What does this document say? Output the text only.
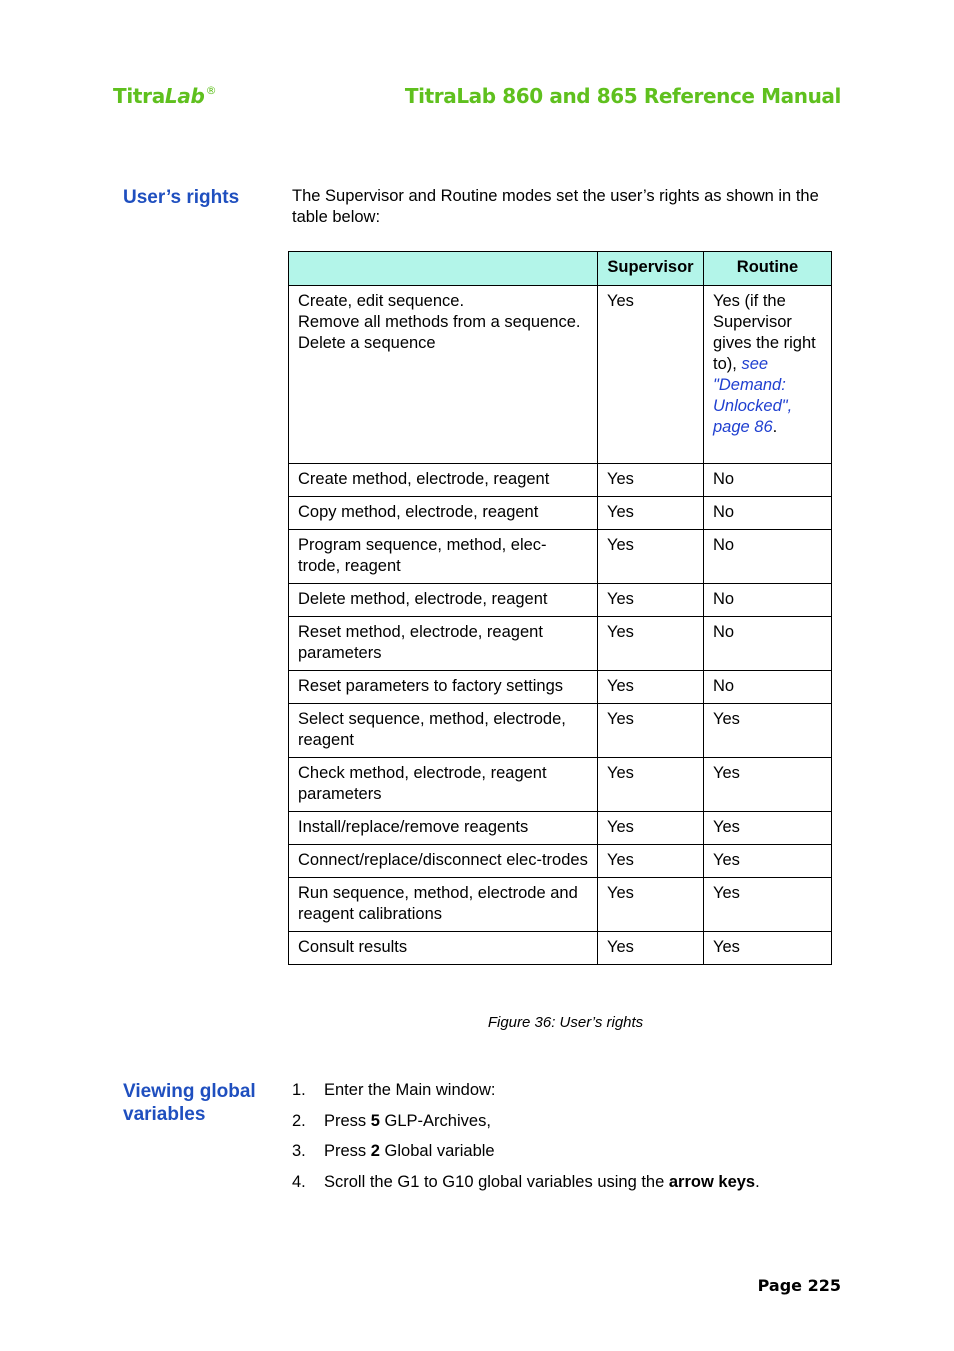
TitraLab®	TitraLab 860 and 865 Reference Manual
User’s rights	The Supervisor and Routine modes set the user’s rights as shown in the table below:
	Supervisor	Routine

Create, edit sequence.
Remove all methods from a sequence.
Delete a sequence	Yes	Yes (if the Supervisor gives the right to), see "Demand: Unlocked", page 86.
Create method, electrode, reagent	Yes	No
Copy method, electrode, reagent	Yes	No
Program sequence, method, elec-trode, reagent	Yes	No
Delete method, electrode, reagent	Yes	No
Reset method, electrode, reagent parameters	Yes	No
Reset parameters to factory settings	Yes	No
Select sequence, method, electrode, reagent	Yes	Yes
Check method, electrode, reagent parameters	Yes	Yes
Install/replace/remove reagents	Yes	Yes
Connect/replace/disconnect elec-trodes	Yes	Yes
Run sequence, method, electrode and reagent calibrations	Yes	Yes
Consult results	Yes	Yes
Figure 36: User’s rights
Viewing global
variables
1. Enter the Main window:
2. Press 5 GLP-Archives,
3. Press 2 Global variable
4. Scroll the G1 to G10 global variables using the arrow keys.
Page 225
